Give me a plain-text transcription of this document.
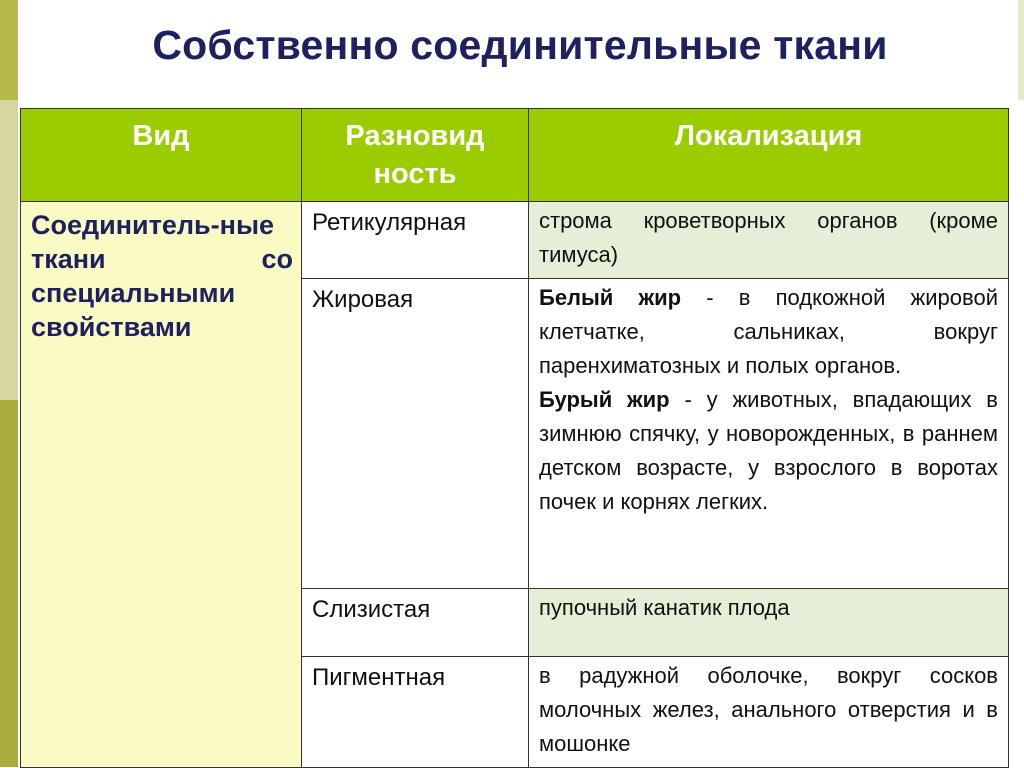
Собственно соединительные ткани
Вид	Разновид ность	Локализация
Соединитель-ные ткани со специальными свойствами	Ретикулярная	строма кроветворных органов (кроме тимуса)
	Жировая	Белый жир - в подкожной жировой клетчатке, сальниках, вокруг паренхиматозных и полых органов.
Бурый жир - у животных, впадающих в зимнюю спячку, у новорожденных, в раннем детском возрасте, у взрослого в воротах почек и корнях легких.
	Слизистая	пупочный канатик плода
	Пигментная	в радужной оболочке, вокруг сосков молочных желез, анального отверстия и в мошонке
